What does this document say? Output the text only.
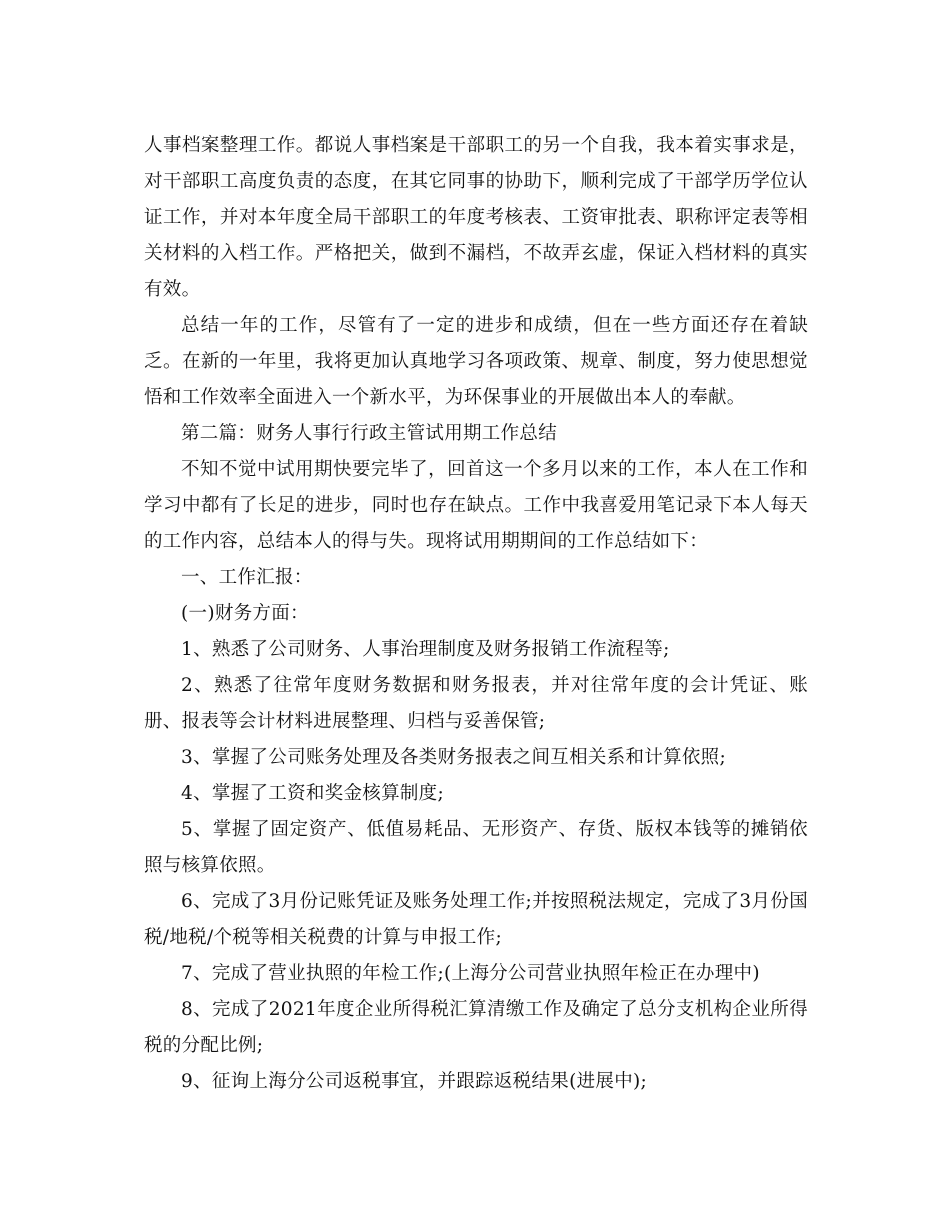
人事档案整理工作。都说人事档案是干部职工的另一个自我，我本着实事求是，对干部职工高度负责的态度，在其它同事的协助下，顺利完成了干部学历学位认证工作，并对本年度全局干部职工的年度考核表、工资审批表、职称评定表等相关材料的入档工作。严格把关，做到不漏档，不故弄玄虚，保证入档材料的真实有效。

总结一年的工作，尽管有了一定的进步和成绩，但在一些方面还存在着缺乏。在新的一年里，我将更加认真地学习各项政策、规章、制度，努力使思想觉悟和工作效率全面进入一个新水平，为环保事业的开展做出本人的奉献。

第二篇：财务人事行行政主管试用期工作总结

不知不觉中试用期快要完毕了，回首这一个多月以来的工作，本人在工作和学习中都有了长足的进步，同时也存在缺点。工作中我喜爱用笔记录下本人每天的工作内容，总结本人的得与失。现将试用期期间的工作总结如下：

一、工作汇报：

(一)财务方面：

1、熟悉了公司财务、人事治理制度及财务报销工作流程等;

2、熟悉了往常年度财务数据和财务报表，并对往常年度的会计凭证、账册、报表等会计材料进展整理、归档与妥善保管;

3、掌握了公司账务处理及各类财务报表之间互相关系和计算依照;

4、掌握了工资和奖金核算制度;

5、掌握了固定资产、低值易耗品、无形资产、存货、版权本钱等的摊销依照与核算依照。

6、完成了3月份记账凭证及账务处理工作;并按照税法规定，完成了3月份国税/地税/个税等相关税费的计算与申报工作;

7、完成了营业执照的年检工作;(上海分公司营业执照年检正在办理中)

8、完成了2021年度企业所得税汇算清缴工作及确定了总分支机构企业所得税的分配比例;

9、征询上海分公司返税事宜，并跟踪返税结果(进展中);
